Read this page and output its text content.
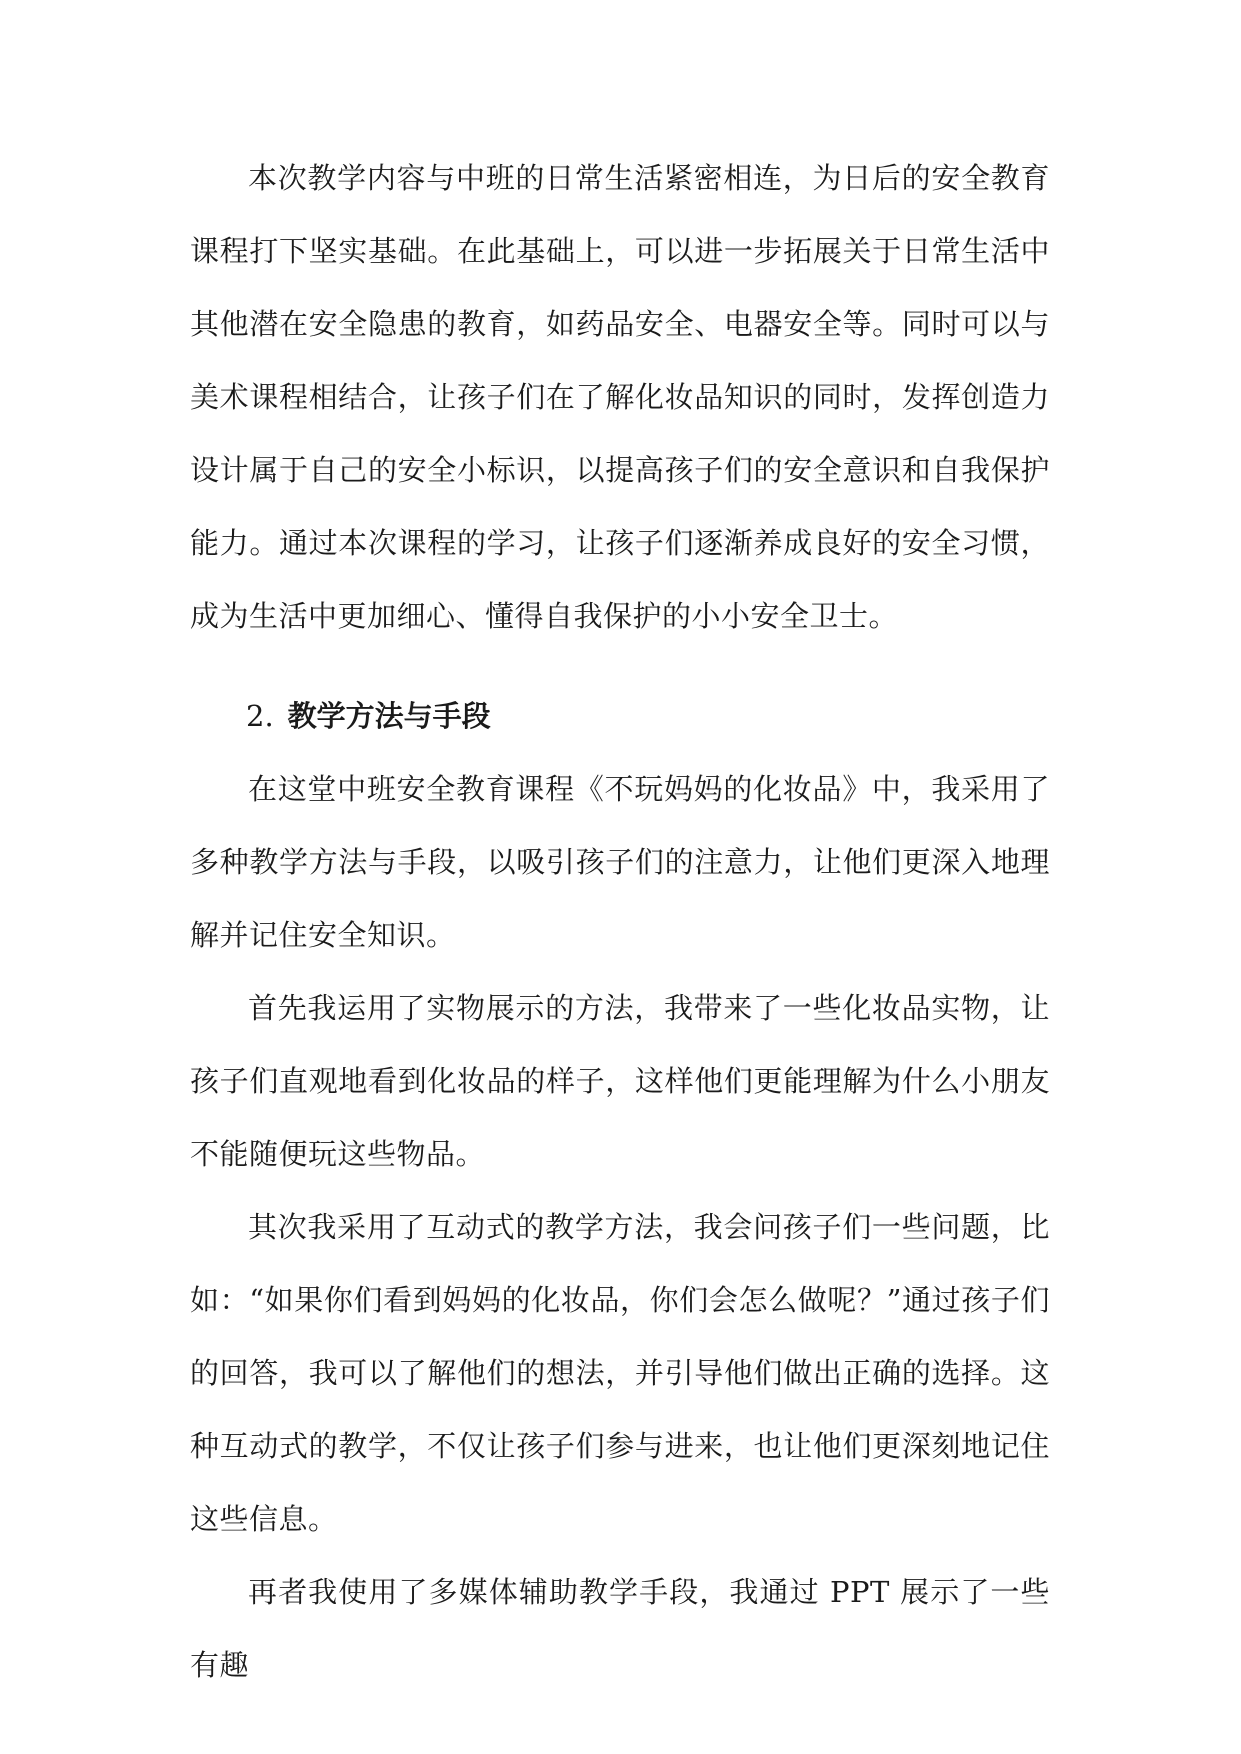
本次教学内容与中班的日常生活紧密相连，为日后的安全教育课程打下坚实基础。在此基础上，可以进一步拓展关于日常生活中其他潜在安全隐患的教育，如药品安全、电器安全等。同时可以与美术课程相结合，让孩子们在了解化妆品知识的同时，发挥创造力设计属于自己的安全小标识，以提高孩子们的安全意识和自我保护能力。通过本次课程的学习，让孩子们逐渐养成良好的安全习惯，成为生活中更加细心、懂得自我保护的小小安全卫士。

2. 教学方法与手段

在这堂中班安全教育课程《不玩妈妈的化妆品》中，我采用了多种教学方法与手段，以吸引孩子们的注意力，让他们更深入地理解并记住安全知识。

首先我运用了实物展示的方法，我带来了一些化妆品实物，让孩子们直观地看到化妆品的样子，这样他们更能理解为什么小朋友不能随便玩这些物品。

其次我采用了互动式的教学方法，我会问孩子们一些问题，比如：“如果你们看到妈妈的化妆品，你们会怎么做呢？”通过孩子们的回答，我可以了解他们的想法，并引导他们做出正确的选择。这种互动式的教学，不仅让孩子们参与进来，也让他们更深刻地记住这些信息。

再者我使用了多媒体辅助教学手段，我通过 PPT 展示了一些有趣
